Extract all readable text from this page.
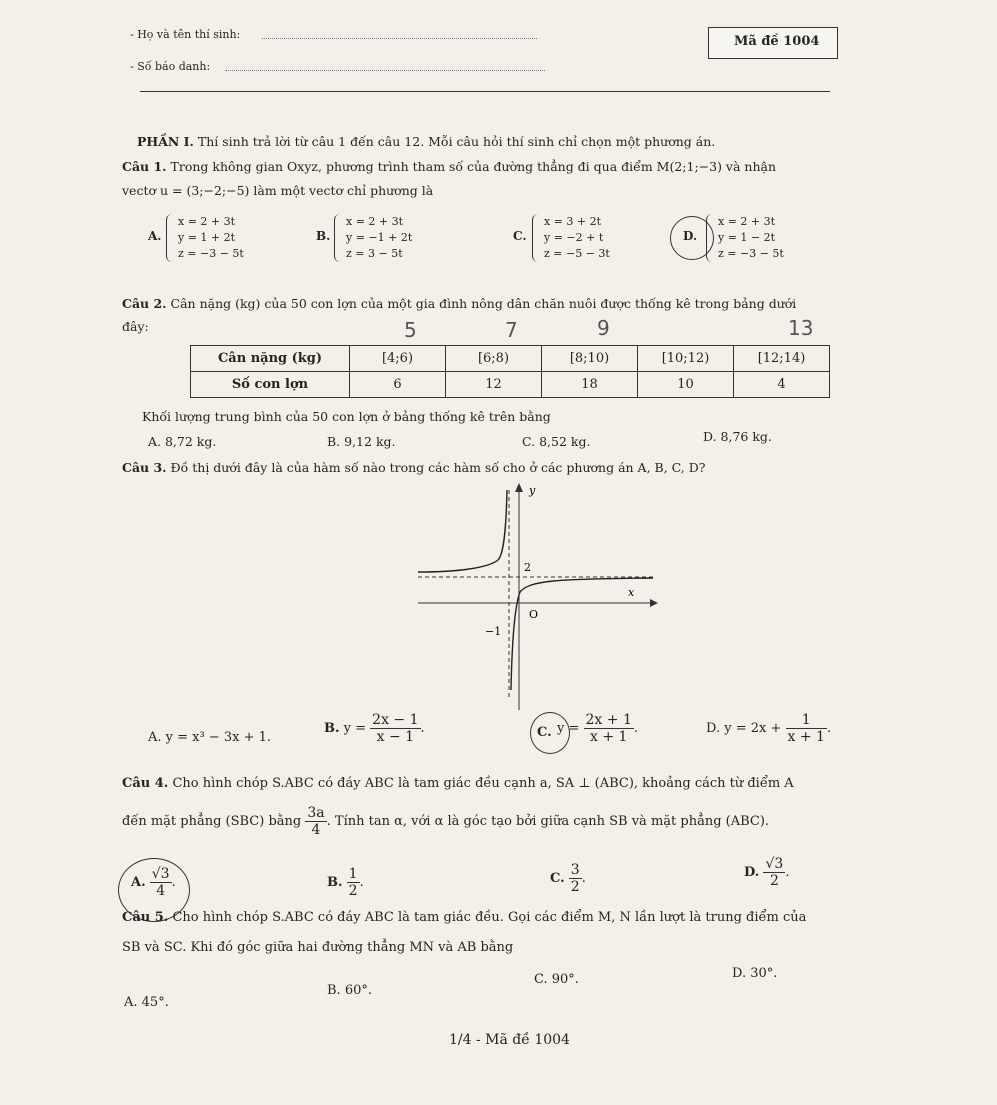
- Họ và tên thí sinh:
- Số báo danh:
Mã đề 1004
PHẦN I. Thí sinh trả lời từ câu 1 đến câu 12. Mỗi câu hỏi thí sinh chỉ chọn một phương án.
Câu 1. Trong không gian Oxyz, phương trình tham số của đường thẳng đi qua điểm M(2;1;−3) và nhận
vectơ u = (3;−2;−5) làm một vectơ chỉ phương là
A.
x = 2 + 3t
y = 1 + 2t
z = −3 − 5t
B.
x = 2 + 3t
y = −1 + 2t
z = 3 − 5t
C.
x = 3 + 2t
y = −2 + t
z = −5 − 3t
D.
x = 2 + 3t
y = 1 − 2t
z = −3 − 5t
Câu 2. Cân nặng (kg) của 50 con lợn của một gia đình nông dân chăn nuôi được thống kê trong bảng dưới
đây:
Cân nặng (kg)	[4;6)	[6;8)	[8;10)	[10;12)	[12;14)
Số con lợn	6	12	18	10	4
5	7	9	13
Khối lượng trung bình của 50 con lợn ở bảng thống kê trên bằng
A. 8,72 kg.	B. 9,12 kg.	C. 8,52 kg.	D. 8,76 kg.
Câu 3. Đồ thị dưới đây là của hàm số nào trong các hàm số cho ở các phương án A, B, C, D?
y
x
O
2
−1
A. y = x³ − 3x + 1.
B. $y = \frac{2x - 1}{x - 1}$ .	C. $y = \frac{2x + 1}{x + 1}$ .	D. $y = 2x + \frac{1}{x + 1}$ .
Câu 4. Cho hình chóp S.ABC có đáy ABC là tam giác đều cạnh a, SA ⊥ (ABC), khoảng cách từ điểm A
đến mặt phẳng (SBC) bằng $\frac{3a}{4}$ . Tính tan α, với α là góc tạo bởi giữa cạnh SB và mặt phẳng (ABC).
A. $\frac{√3}{4}$ .	B. $\frac{1}{2}$ .	C. $\frac{3}{2}$ .	D. $\frac{√3}{2}$ .
Câu 5. Cho hình chóp S.ABC có đáy ABC là tam giác đều. Gọi các điểm M, N lần lượt là trung điểm của
SB và SC. Khi đó góc giữa hai đường thẳng MN và AB bằng
A. 45°.
B. 60°.
C. 90°.	D. 30°.
1/4 - Mã đề 1004
